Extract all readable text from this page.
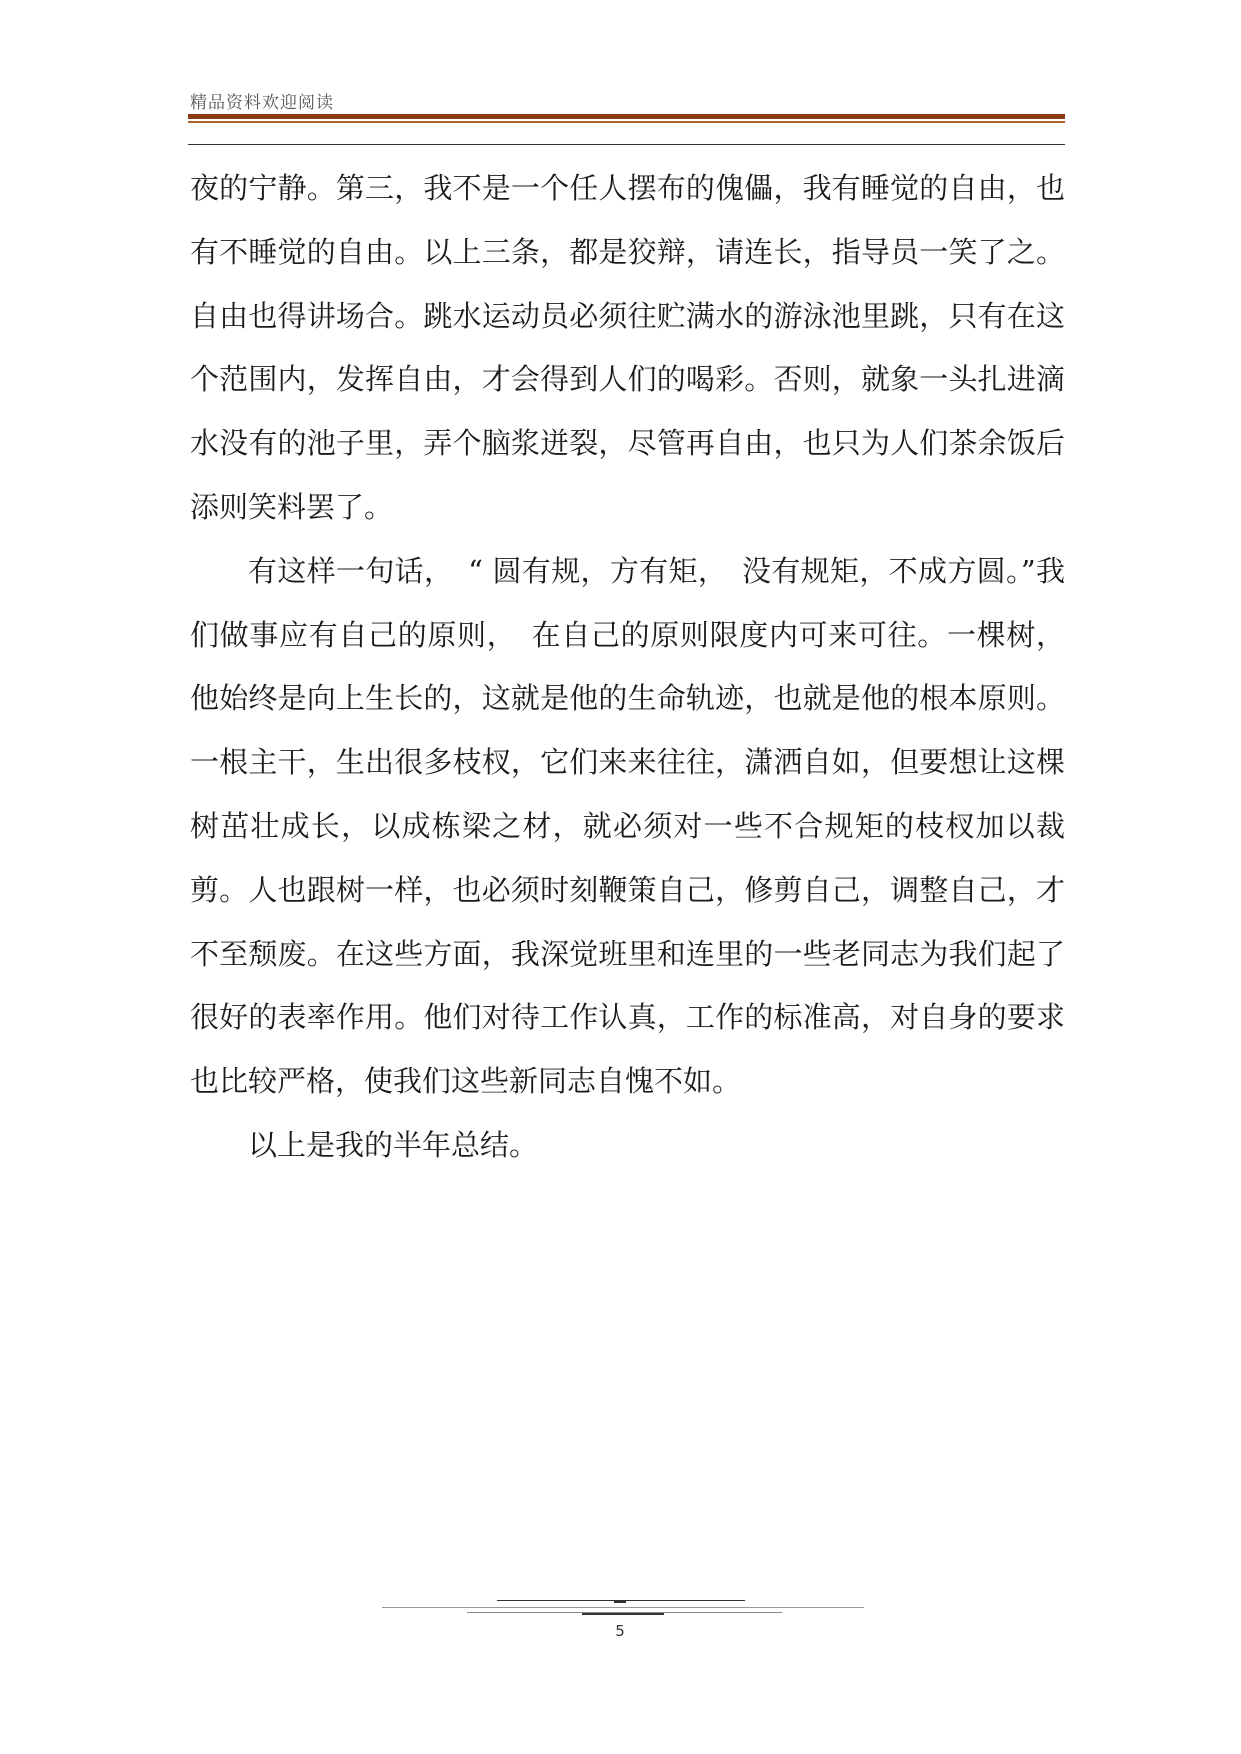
精品资料欢迎阅读

夜的宁静。第三，我不是一个任人摆布的傀儡，我有睡觉的自由，也有不睡觉的自由。以上三条，都是狡辩，请连长，指导员一笑了之。自由也得讲场合。跳水运动员必须往贮满水的游泳池里跳，只有在这个范围内，发挥自由，才会得到人们的喝彩。否则，就象一头扎进滴水没有的池子里，弄个脑浆迸裂，尽管再自由，也只为人们茶余饭后添则笑料罢了。

有这样一句话，　“ 圆有规，方有矩，　没有规矩，不成方圆。”我们做事应有自己的原则，　在自己的原则限度内可来可往。一棵树，他始终是向上生长的，这就是他的生命轨迹，也就是他的根本原则。一根主干，生出很多枝杈，它们来来往往，潇洒自如，但要想让这棵树茁壮成长，以成栋梁之材，就必须对一些不合规矩的枝杈加以裁剪。人也跟树一样，也必须时刻鞭策自己，修剪自己，调整自己，才不至颓废。在这些方面，我深觉班里和连里的一些老同志为我们起了很好的表率作用。他们对待工作认真，工作的标准高，对自身的要求也比较严格，使我们这些新同志自愧不如。

以上是我的半年总结。

5
